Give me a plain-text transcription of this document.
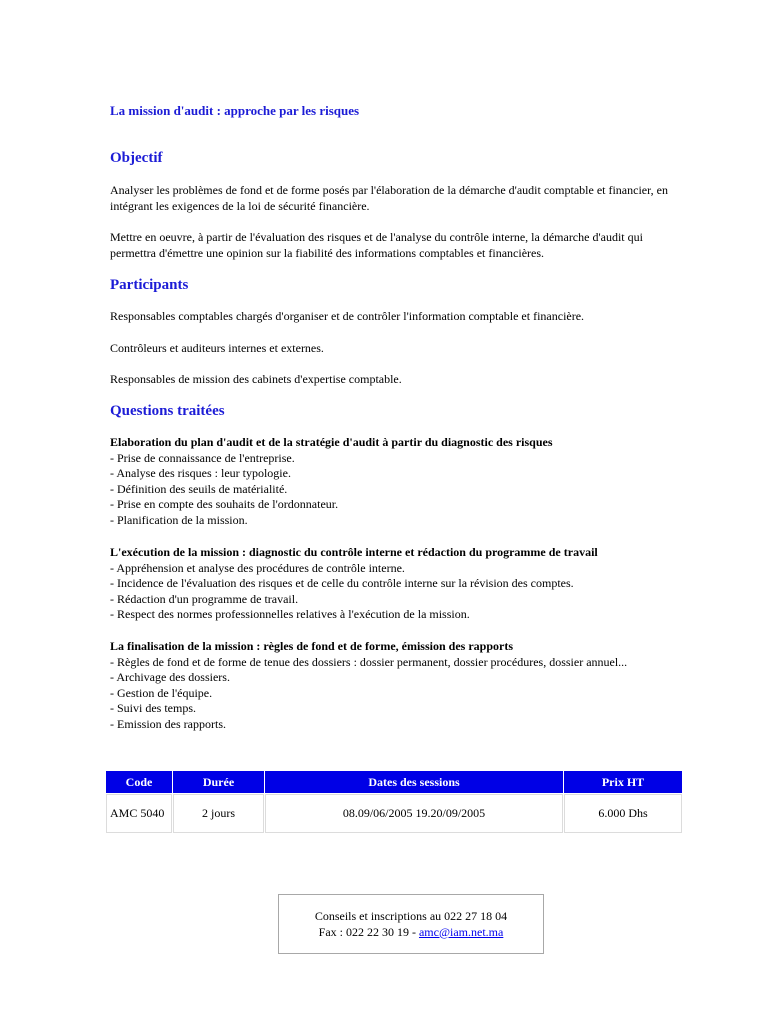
La mission d'audit : approche par les risques
Objectif
Analyser les problèmes de fond et de forme posés par l'élaboration de la démarche d'audit comptable et financier, en intégrant les exigences de la loi de sécurité financière.
Mettre en oeuvre, à partir de l'évaluation des risques et de l'analyse du contrôle interne, la démarche d'audit qui permettra d'émettre une opinion sur la fiabilité des informations comptables et financières.
Participants
Responsables comptables chargés d'organiser et de contrôler l'information comptable et financière.
Contrôleurs et auditeurs internes et externes.
Responsables de mission des cabinets d'expertise comptable.
Questions traitées
Elaboration du plan d'audit et de la stratégie d'audit à partir du diagnostic des risques
- Prise de connaissance de l'entreprise.
- Analyse des risques : leur typologie.
- Définition des seuils de matérialité.
- Prise en compte des souhaits de l'ordonnateur.
- Planification de la mission.
L'exécution de la mission : diagnostic du contrôle interne et rédaction du programme de travail
- Appréhension et analyse des procédures de contrôle interne.
- Incidence de l'évaluation des risques et de celle du contrôle interne sur la révision des comptes.
- Rédaction d'un programme de travail.
- Respect des normes professionnelles relatives à l'exécution de la mission.
La finalisation de la mission : règles de fond et de forme, émission des rapports
- Règles de fond et de forme de tenue des dossiers : dossier permanent, dossier procédures, dossier annuel...
- Archivage des dossiers.
- Gestion de l'équipe.
- Suivi des temps.
- Emission des rapports.
Code	Durée	Dates des sessions	Prix HT
AMC 5040	2 jours	08.09/06/2005 19.20/09/2005	6.000 Dhs
Conseils et inscriptions au 022 27 18 04
Fax : 022 22 30 19 - amc@iam.net.ma
